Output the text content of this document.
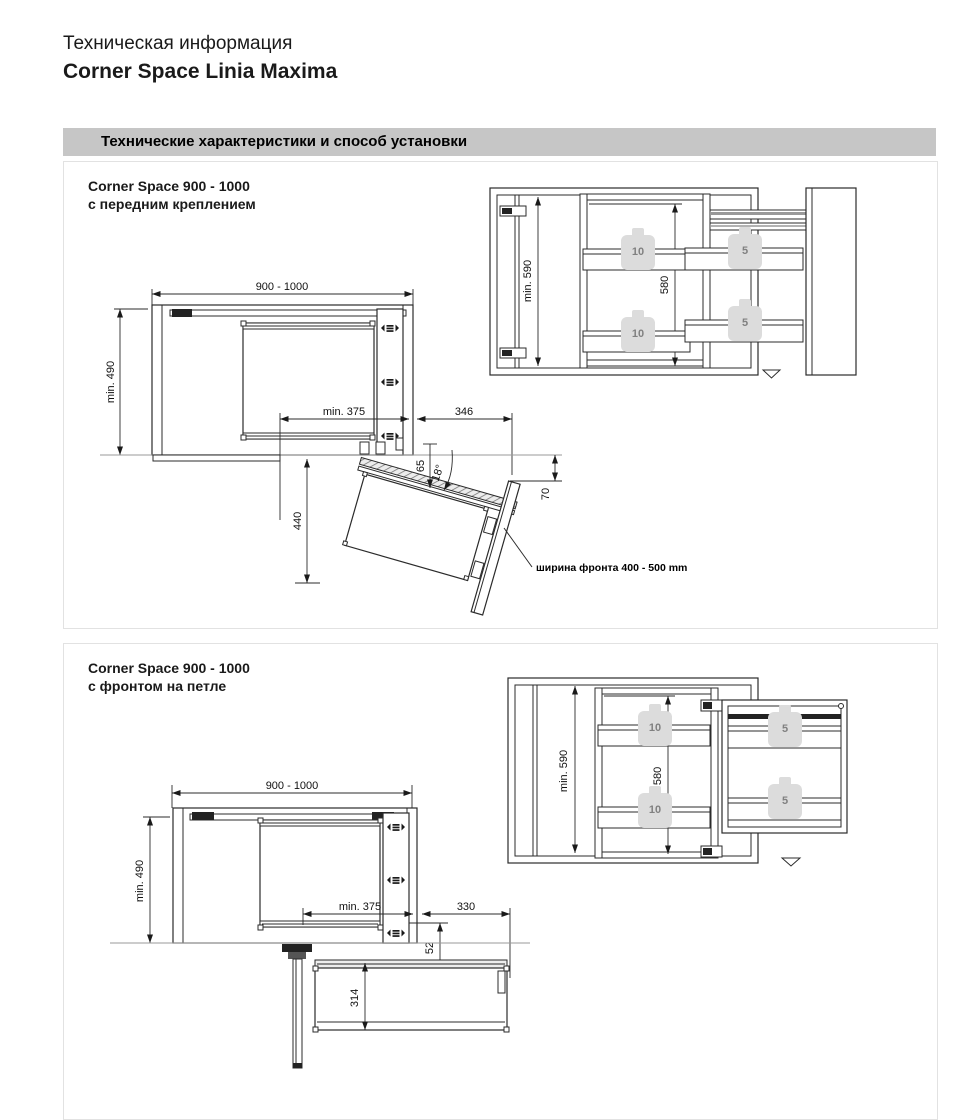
Техническая информация
Corner Space Linia Maxima
Технические характеристики и способ установки
Corner Space 900 - 1000
с передним креплением
900 - 1000
min. 490
min. 375	346
440
65 18°
70
ширина фронта 400 - 500 mm
min. 590	580
10
10
5
5
Corner Space 900 - 1000
с фронтом на петле
900 - 1000
min. 490
min. 375	330
52
314
min. 590	580
10
10
5
5
